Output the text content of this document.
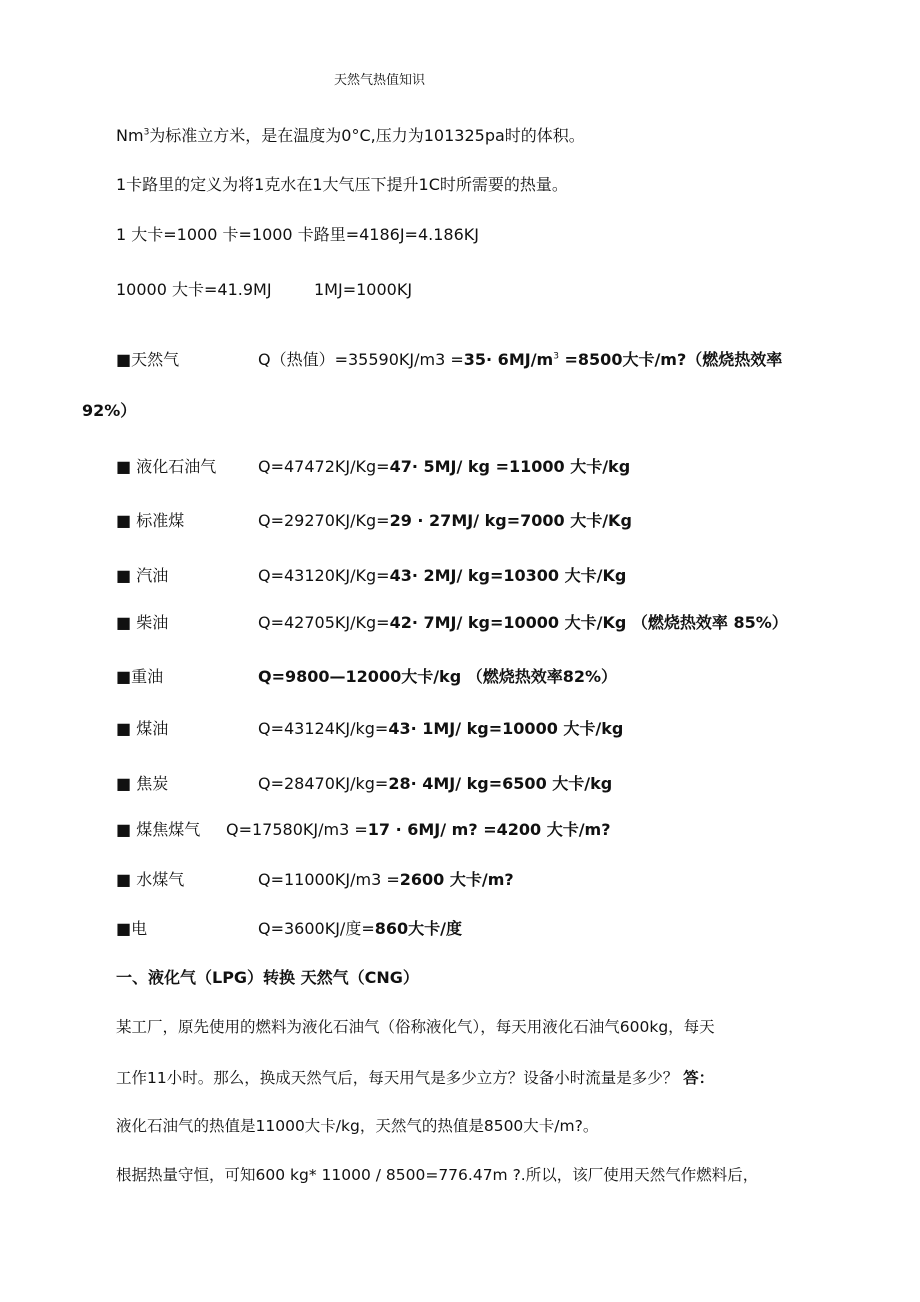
天然气热值知识
Nm$^3$为标准立方米，是在温度为0°C,压力为101325pa时的体积。
1卡路里的定义为将1克水在1大气压下提升1C时所需要的热量。
1 大卡=1000 卡=1000 卡路里=4186J=4.186KJ
10000 大卡=41.9MJ	1MJ=1000KJ
■天然气	Q（热值）$=35590KJ/m3 =35\cdot 6MJ/m^3 =8500$大卡/m?（燃烧热效率
92%）
■ 液化石油气	Q=47472KJ/Kg=47· 5MJ/ kg =11000 大卡/kg
■ 标准煤	Q=29270KJ/Kg=29 · 27MJ/ kg=7000 大卡/Kg
■ 汽油	Q=43120KJ/Kg=43· 2MJ/ kg=10300 大卡/Kg
■ 柴油	Q=42705KJ/Kg=42· 7MJ/ kg=10000 大卡/Kg （燃烧热效率 85%）
■重油	Q=9800—12000大卡/kg （燃烧热效率82%）
■ 煤油	Q=43124KJ/kg=43· 1MJ/ kg=10000 大卡/kg
■ 焦炭	Q=28470KJ/kg=28· 4MJ/ kg=6500 大卡/kg
■ 煤焦煤气 Q=17580KJ/m3 =17 · 6MJ/ m? =4200 大卡/m?
■ 水煤气	Q=11000KJ/m3 =2600 大卡/m?
■电	Q=3600KJ/度=860大卡/度
一、液化气（LPG）转换 天然气（CNG）
某工厂，原先使用的燃料为液化石油气（俗称液化气），每天用液化石油气600kg，每天
工作11小时。那么，换成天然气后，每天用气是多少立方？设备小时流量是多少？ 答：
液化石油气的热值是11000大卡/kg，天然气的热值是8500大卡/m?。
根据热量守恒，可知600 kg* 11000 / 8500=776.47m ?.所以，该厂使用天然气作燃料后，
